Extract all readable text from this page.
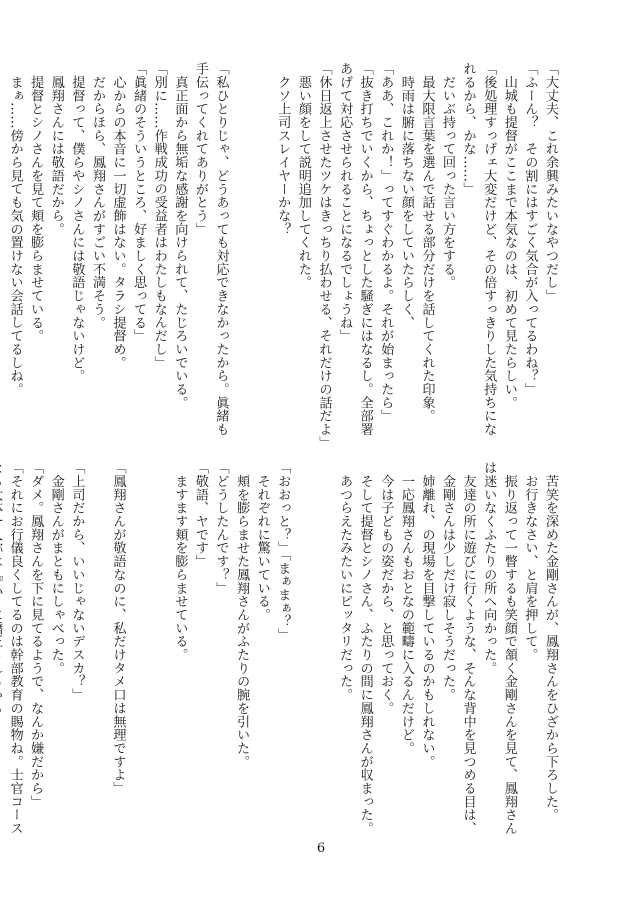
「大丈夫、これ余興みたいなやつだし」
「ふーん？　その割にはすごく気合が入ってるわね？」
　山城も提督がここまで本気なのは、初めて見たらしい。
「後処理すっげェ大変だけど、その倍すっきりした気持ちにな
れるから、かな……」
　だいぶ持って回った言い方をする。
　最大限言葉を選んで話せる部分だけを話してくれた印象。
　時雨は腑に落ちない顔をしていたらしく、
「ああ、これか！」ってすぐわかるよ。それが始まったら」
「抜き打ちでいくから、ちょっとした騒ぎにはなるし。全部署
あげて対応させられることになるでしょうね」
「休日返上させたツケはきっちり払わせる、それだけの話だよ」
　悪い顔をして説明追加してくれた。
　クソ上司スレイヤーかな？

「私ひとりじゃ、どうあっても対応できなかったから。眞緒も
手伝ってくれてありがとう」
　真正面から無垢な感謝を向けられて、たじろいでいる。
「別に……作戦成功の受益者はわたしもなんだし」
「眞緒のそういうところ、好ましく思ってる」
　心からの本音に一切虚飾はない。タラシ提督め。
　だからほら、鳳翔さんがすごい不満そう。
　提督って、僕らやシノさんには敬語じゃないけど。
　鳳翔さんには敬語だから。
　提督とシノさんを見て頬を膨らませている。
　まぁ……傍から見ても気の置けない会話してるしね。
　苦笑を深めた金剛さんが、鳳翔さんをひざから下ろした。
　お行きなさい、と肩を押して。
　振り返って一瞥するも笑顔で頷く金剛さんを見て、鳳翔さん
は迷いなくふたりの所へ向かった。
　友達の所に遊びに行くような、そんな背中を見つめる目は、
　金剛さんは少しだけ寂しそうだった。
　姉離れ、の現場を目撃しているのかもしれない。
　一応鳳翔さんもおとなの範疇に入るんだけど。
　今は子どもの姿だから、と思っておく。
　そして提督とシノさん、ふたりの間に鳳翔さんが収まった。
　あつらえたみたいにピッタリだった。

「おおっと？」「まぁまぁ？」
　それぞれに驚いている。
　頬を膨らませた鳳翔さんがふたりの腕を引いた。
「どうしたんです？」
「敬語、ヤです」
　ますます頬を膨らませている。

「鳳翔さんが敬語なのに、私だけタメ口は無理ですよ」

「上司だから、いいじゃないデスカ？」
　金剛さんがまともにしゃべった。
「ダメ。鳳翔さんを下に見てるようで、なんか嫌だから」
「それにお行儀良くしてるのは幹部教育の賜物ね。士官コース
6
